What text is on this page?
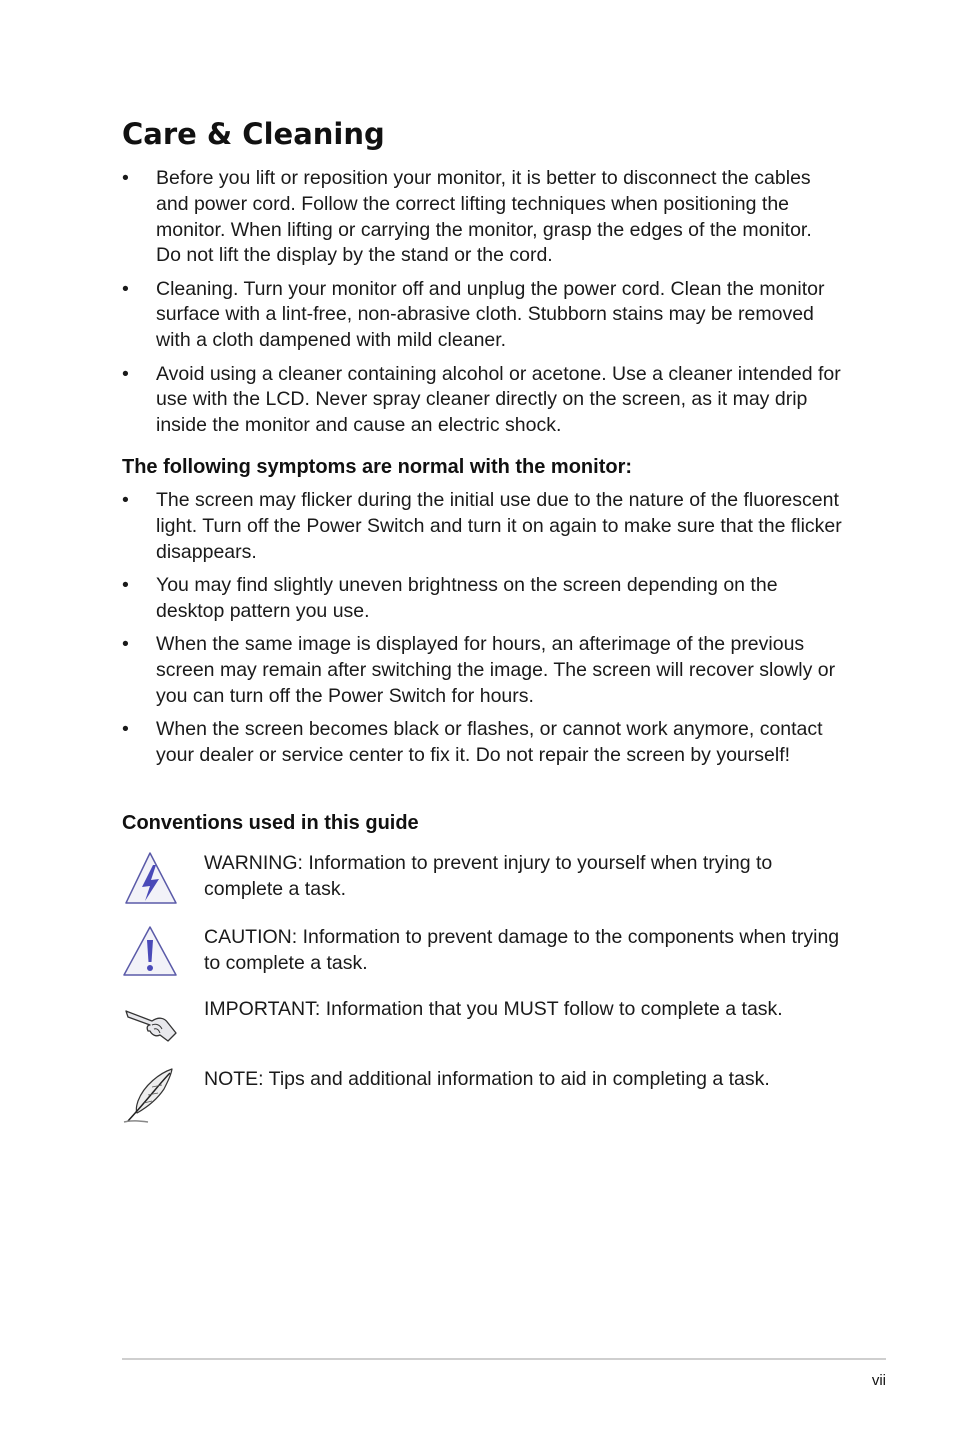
Care & Cleaning
• Before you lift or reposition your monitor, it is better to disconnect the cables and power cord. Follow the correct lifting techniques when positioning the monitor. When lifting or carrying the monitor, grasp the edges of the monitor. Do not lift the display by the stand or the cord.
• Cleaning. Turn your monitor off and unplug the power cord. Clean the monitor surface with a lint-free, non-abrasive cloth. Stubborn stains may be removed with a cloth dampened with mild cleaner.
• Avoid using a cleaner containing alcohol or acetone. Use a cleaner intended for use with the LCD. Never spray cleaner directly on the screen, as it may drip inside the monitor and cause an electric shock.
The following symptoms are normal with the monitor:
• The screen may flicker during the initial use due to the nature of the fluorescent light. Turn off the Power Switch and turn it on again to make sure that the flicker disappears.
• You may find slightly uneven brightness on the screen depending on the desktop pattern you use.
• When the same image is displayed for hours, an afterimage of the previous screen may remain after switching the image. The screen will recover slowly or you can turn off the Power Switch for hours.
• When the screen becomes black or flashes, or cannot work anymore, contact your dealer or service center to fix it. Do not repair the screen by yourself!
Conventions used in this guide
WARNING: Information to prevent injury to yourself when trying to complete a task.
CAUTION: Information to prevent damage to the components when trying to complete a task.
IMPORTANT: Information that you MUST follow to complete a task.
NOTE: Tips and additional information to aid in completing a task.
vii
